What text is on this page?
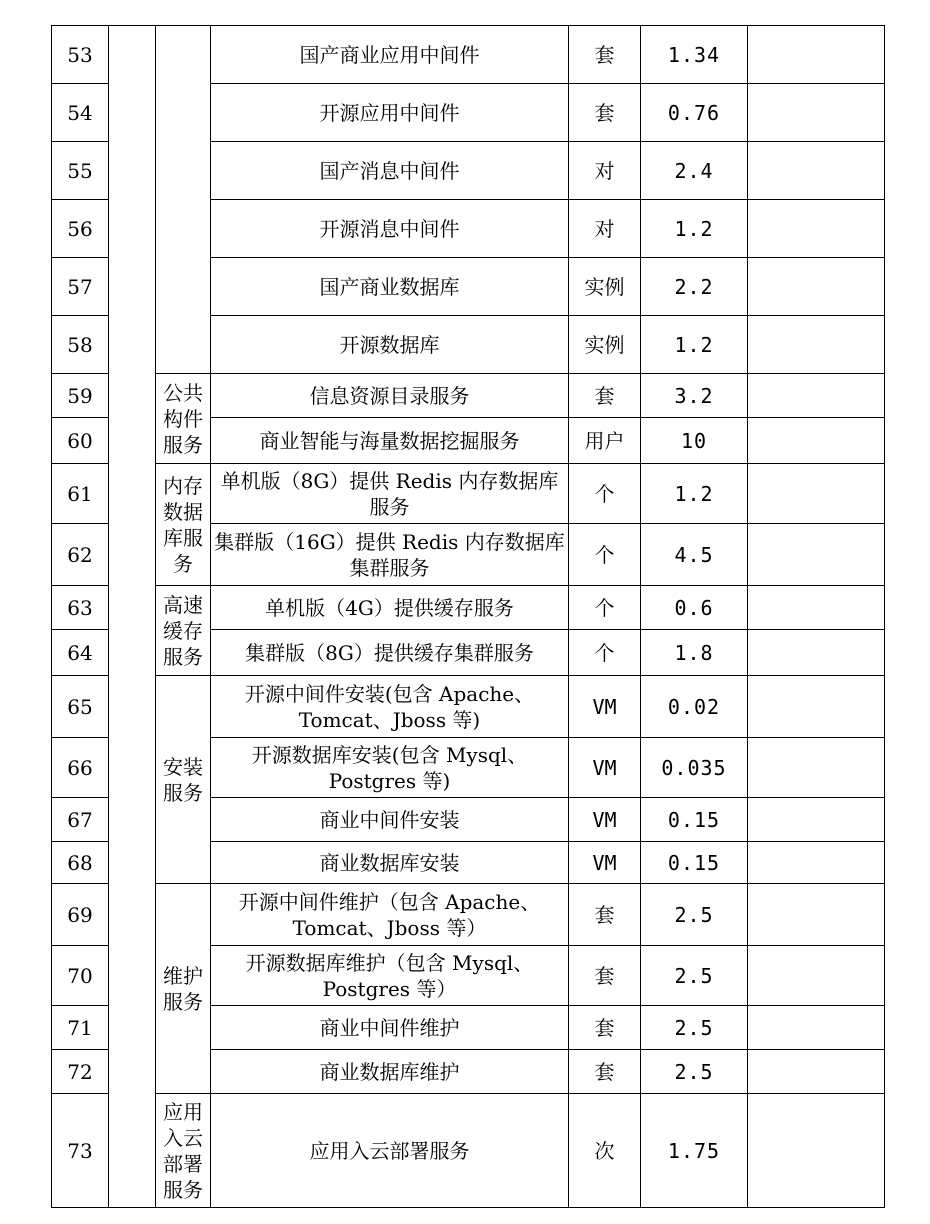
53			国产商业应用中间件	套	1.34	
54			开源应用中间件	套	0.76	
55			国产消息中间件	对	2.4	
56			开源消息中间件	对	1.2	
57			国产商业数据库	实例	2.2	
58			开源数据库	实例	1.2	
59		公共构件服务	信息资源目录服务	套	3.2	
60			商业智能与海量数据挖掘服务	用户	10	
61		内存数据库服务	单机版（8G）提供 Redis 内存数据库服务	个	1.2	
62			集群版（16G）提供 Redis 内存数据库集群服务	个	4.5	
63		高速缓存服务	单机版（4G）提供缓存服务	个	0.6	
64			集群版（8G）提供缓存集群服务	个	1.8	
65		安装服务	开源中间件安装(包含 Apache、Tomcat、Jboss 等)	VM	0.02	
66			开源数据库安装(包含 Mysql、Postgres 等)	VM	0.035	
67			商业中间件安装	VM	0.15	
68			商业数据库安装	VM	0.15	
69		维护服务	开源中间件维护（包含 Apache、Tomcat、Jboss 等）	套	2.5	
70			开源数据库维护（包含 Mysql、Postgres 等）	套	2.5	
71			商业中间件维护	套	2.5	
72			商业数据库维护	套	2.5	
73		应用入云部署服务	应用入云部署服务	次	1.75	
